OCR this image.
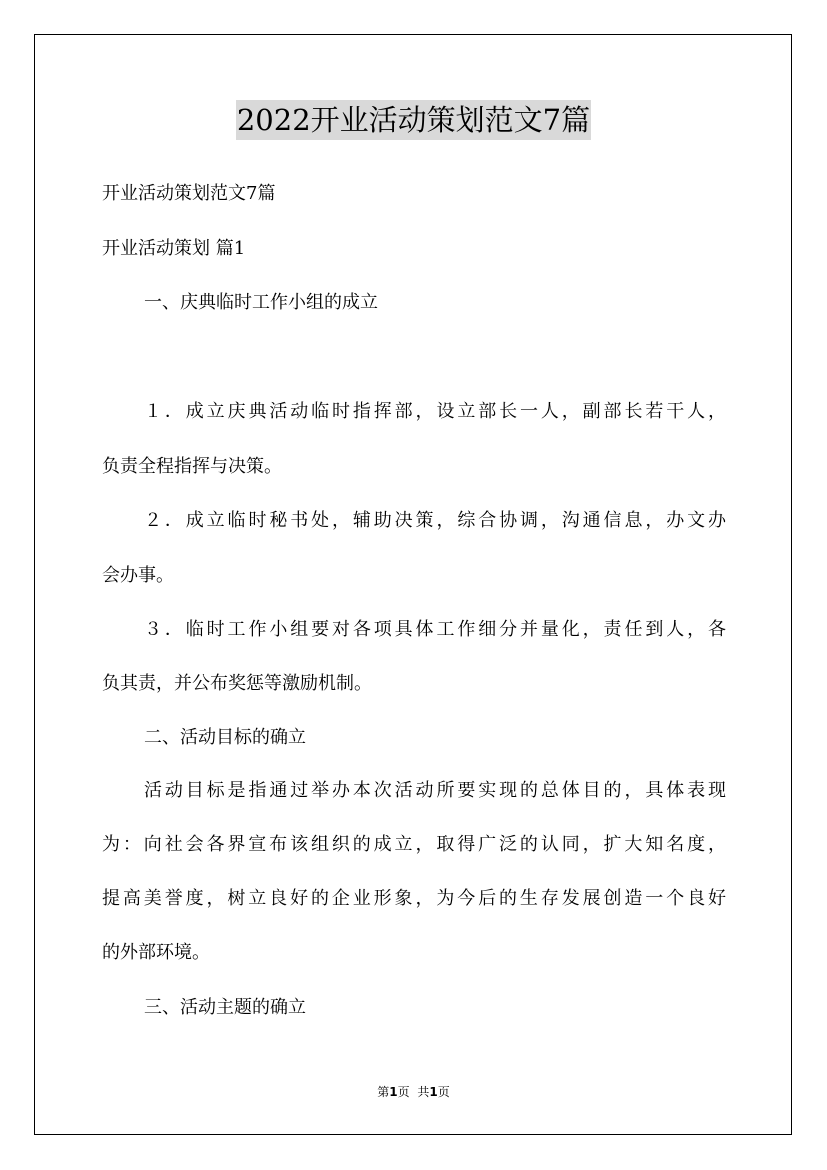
2022开业活动策划范文7篇

开业活动策划范文7篇

开业活动策划 篇1

一、庆典临时工作小组的成立

１．成立庆典活动临时指挥部，设立部长一人，副部长若干人，

负责全程指挥与决策。

２．成立临时秘书处，辅助决策，综合协调，沟通信息，办文办

会办事。

３．临时工作小组要对各项具体工作细分并量化，责任到人，各

负其责，并公布奖惩等激励机制。

二、活动目标的确立

活动目标是指通过举办本次活动所要实现的总体目的，具体表现

为：向社会各界宣布该组织的成立，取得广泛的认同，扩大知名度，

提高美誉度，树立良好的企业形象，为今后的生存发展创造一个良好

的外部环境。

三、活动主题的确立

第1页 共1页
